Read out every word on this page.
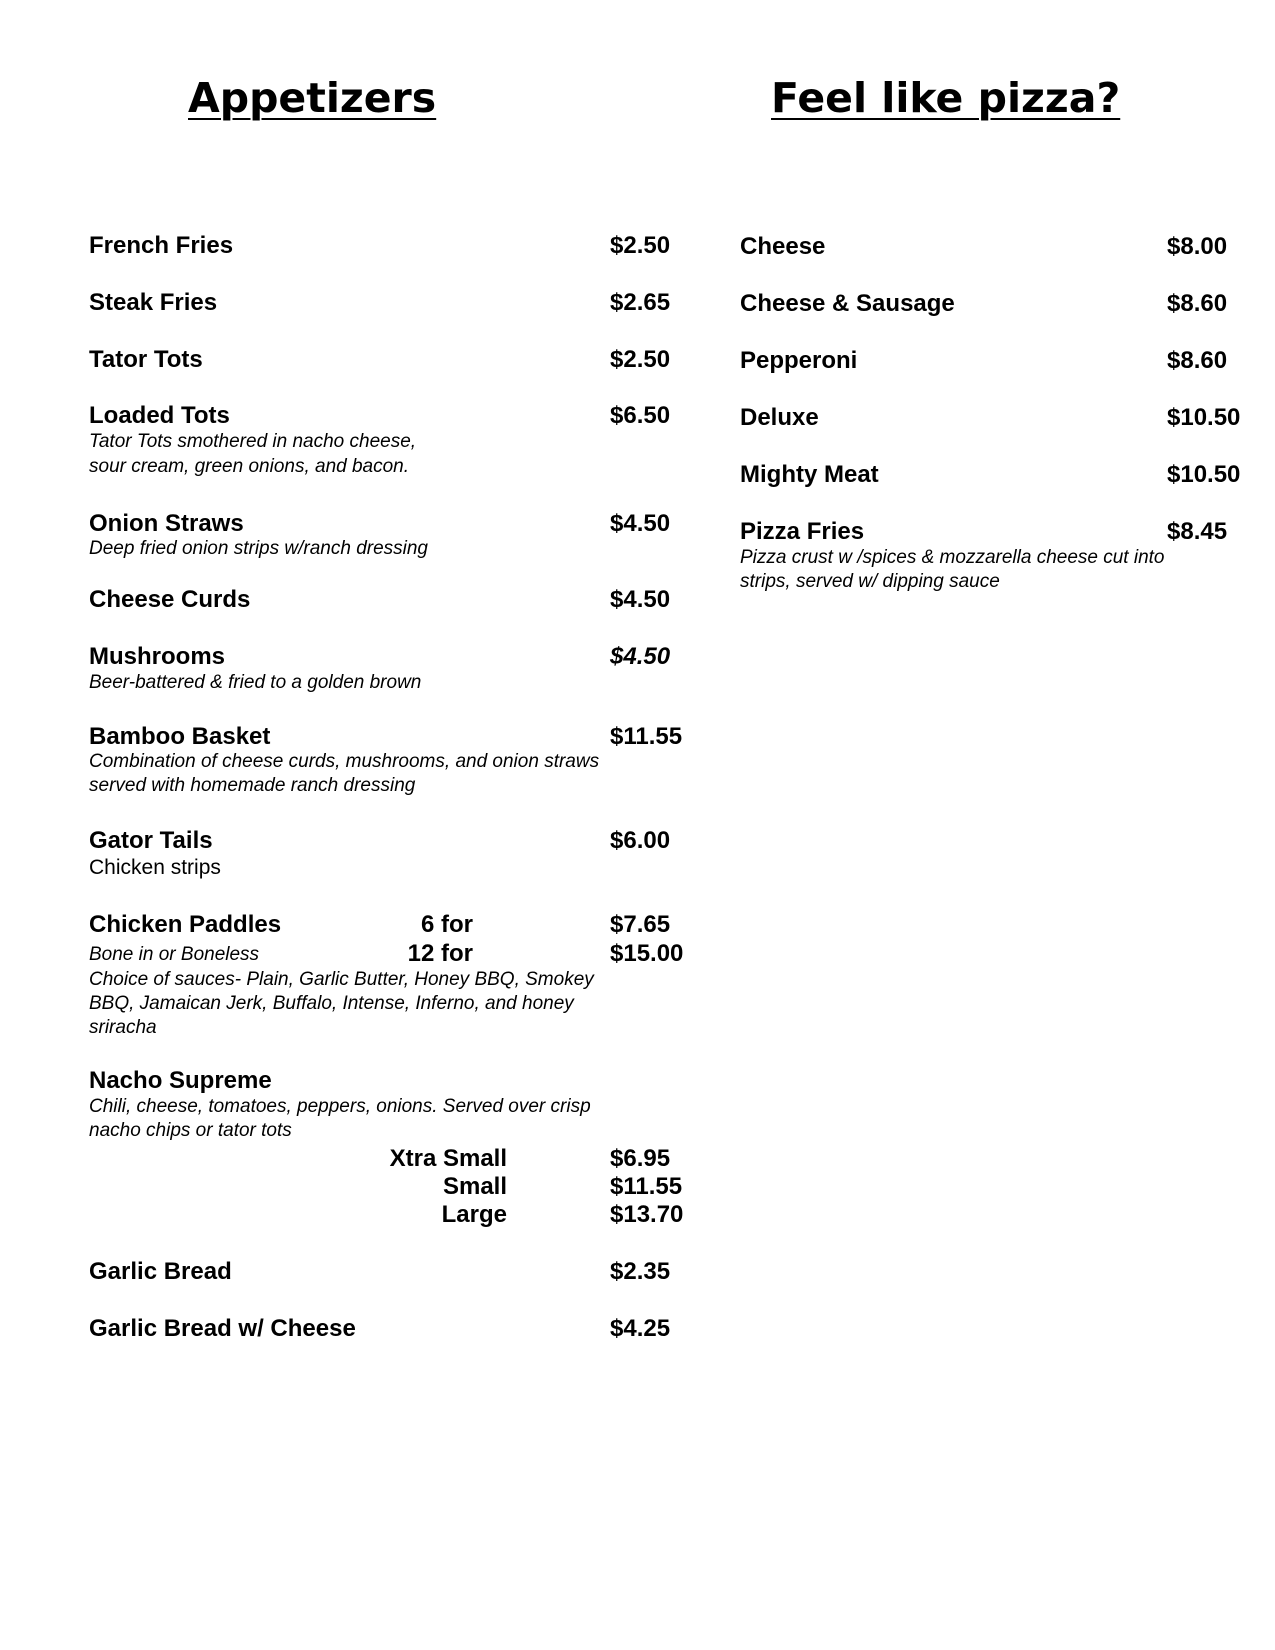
Appetizers	Feel like pizza?
French Fries	$2.50
Steak Fries	$2.65
Tator Tots	$2.50
Loaded Tots	$6.50
Tator Tots smothered in nacho cheese,
sour cream, green onions, and bacon.
Onion Straws	$4.50
Deep fried onion strips w/ranch dressing
Cheese Curds	$4.50
Mushrooms	$4.50
Beer-battered & fried to a golden brown
Bamboo Basket	$11.55
Combination of cheese curds, mushrooms, and onion straws
served with homemade ranch dressing
Gator Tails	$6.00
Chicken strips
Chicken Paddles	6 for	$7.65
Bone in or Boneless	12 for	$15.00
Choice of sauces- Plain, Garlic Butter, Honey BBQ, Smokey
BBQ, Jamaican Jerk, Buffalo, Intense, Inferno, and honey
sriracha
Nacho Supreme
Chili, cheese, tomatoes, peppers, onions. Served over crisp
nacho chips or tator tots
Xtra Small	$6.95
Small	$11.55
Large	$13.70
Garlic Bread	$2.35
Garlic Bread w/ Cheese	$4.25
Cheese	$8.00
Cheese & Sausage	$8.60
Pepperoni	$8.60
Deluxe	$10.50
Mighty Meat	$10.50
Pizza Fries	$8.45
Pizza crust w /spices & mozzarella cheese cut into
strips, served w/ dipping sauce
